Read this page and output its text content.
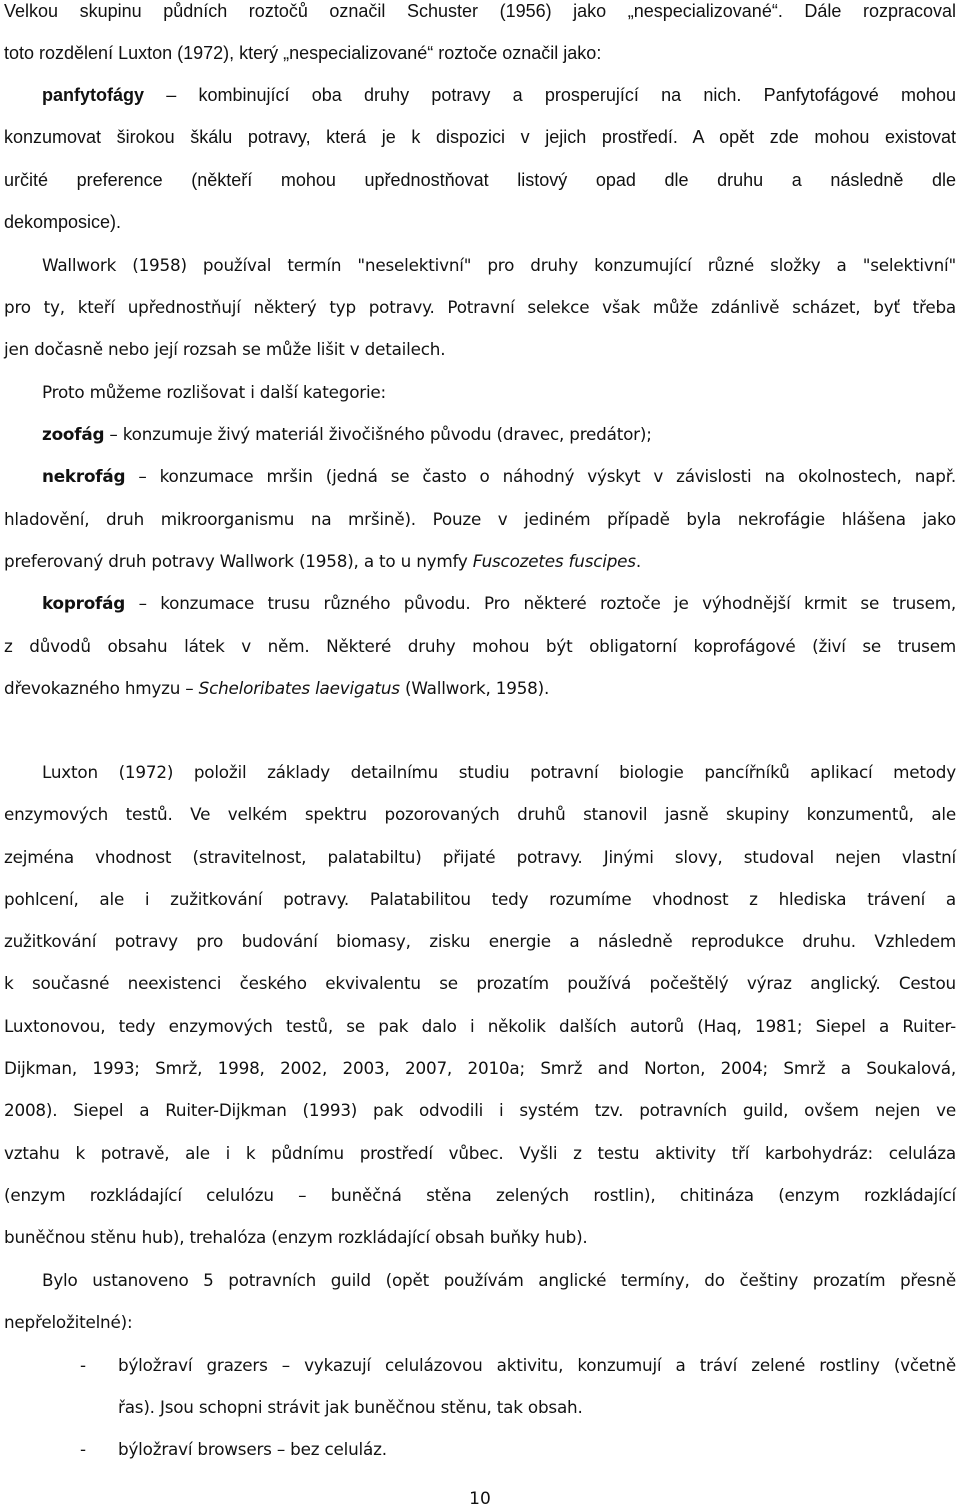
Velkou skupinu půdních roztočů označil Schuster (1956) jako „nespecializované“. Dále rozpracoval
toto rozdělení Luxton (1972), který „nespecializované“ roztoče označil jako:
panfytofágy – kombinující oba druhy potravy a prosperující na nich. Panfytofágové mohou
konzumovat širokou škálu potravy, která je k dispozici v jejich prostředí. A opět zde mohou existovat
určité preference (někteří mohou upřednostňovat listový opad dle druhu a následně dle
dekomposice).
Wallwork (1958) používal termín "neselektivní" pro druhy konzumující různé složky a "selektivní"
pro ty, kteří upřednostňují některý typ potravy. Potravní selekce však může zdánlivě scházet, byť třeba
jen dočasně nebo její rozsah se může lišit v detailech.
Proto můžeme rozlišovat i další kategorie:
zoofág – konzumuje živý materiál živočišného původu (dravec, predátor);
nekrofág – konzumace mršin (jedná se často o náhodný výskyt v závislosti na okolnostech, např.
hladovění, druh mikroorganismu na mršině). Pouze v jediném případě byla nekrofágie hlášena jako
preferovaný druh potravy Wallwork (1958), a to u nymfy Fuscozetes fuscipes.
koprofág – konzumace trusu různého původu. Pro některé roztoče je výhodnější krmit se trusem,
z důvodů obsahu látek v něm. Některé druhy mohou být obligatorní koprofágové (živí se trusem
dřevokazného hmyzu – Scheloribates laevigatus (Wallwork, 1958).
Luxton (1972) položil základy detailnímu studiu potravní biologie pancířníků aplikací metody
enzymových testů. Ve velkém spektru pozorovaných druhů stanovil jasně skupiny konzumentů, ale
zejména vhodnost (stravitelnost, palatabiltu) přijaté potravy. Jinými slovy, studoval nejen vlastní
pohlcení, ale i zužitkování potravy. Palatabilitou tedy rozumíme vhodnost z hlediska trávení a
zužitkování potravy pro budování biomasy, zisku energie a následně reprodukce druhu. Vzhledem
k současné neexistenci českého ekvivalentu se prozatím používá počeštělý výraz anglický. Cestou
Luxtonovou, tedy enzymových testů, se pak dalo i několik dalších autorů (Haq, 1981; Siepel a Ruiter-
Dijkman, 1993; Smrž, 1998, 2002, 2003, 2007, 2010a; Smrž and Norton, 2004; Smrž a Soukalová,
2008). Siepel a Ruiter-Dijkman (1993) pak odvodili i systém tzv. potravních guild, ovšem nejen ve
vztahu k potravě, ale i k půdnímu prostředí vůbec. Vyšli z testu aktivity tří karbohydráz: celuláza
(enzym rozkládající celulózu – buněčná stěna zelených rostlin), chitináza (enzym rozkládající
buněčnou stěnu hub), trehalóza (enzym rozkládající obsah buňky hub).
Bylo ustanoveno 5 potravních guild (opět používám anglické termíny, do češtiny prozatím přesně
nepřeložitelné):
- býložraví grazers – vykazují celulázovou aktivitu, konzumují a tráví zelené rostliny (včetně
řas). Jsou schopni strávit jak buněčnou stěnu, tak obsah.
- býložraví browsers – bez celuláz.
10
